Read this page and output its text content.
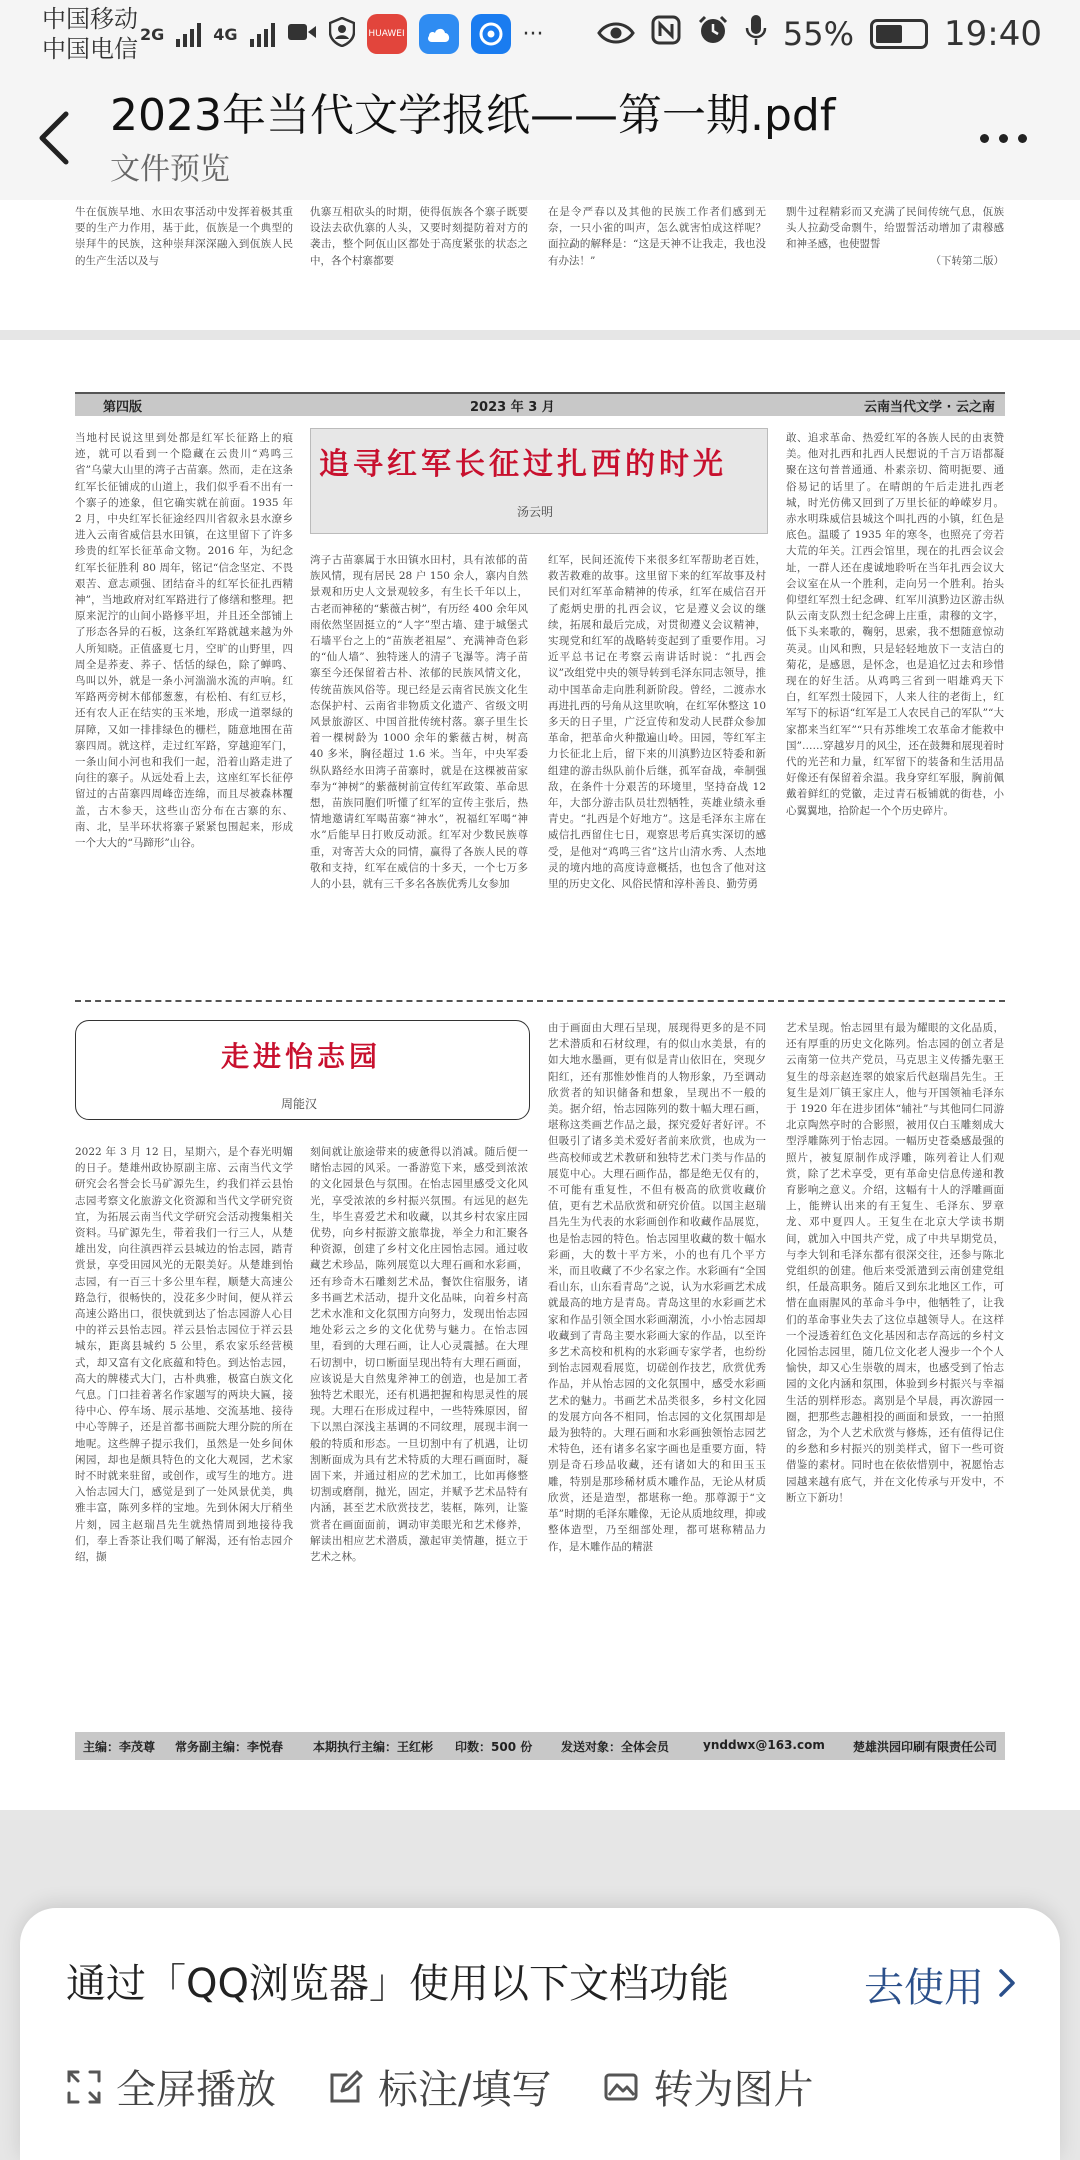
中国移动
中国电信
2G	4G	HUAWEI	···	55%	19:40
2023年当代文学报纸——第一期.pdf
文件预览
牛在佤族旱地、水田农事活动中发挥着极其重要的生产力作用，基于此，佤族是一个典型的崇拜牛的民族，这种崇拜深深融入到佤族人民的生产生活以及与
仇寨互相砍头的时期，使得佤族各个寨子既要设法去砍仇寨的人头，又要时刻提防着对方的袭击，整个阿佤山区都处于高度紧张的状态之中，各个村寨都要
在是令严春以及其他的民族工作者们感到无奈，一只小雀的叫声，怎么就害怕成这样呢？面拉勐的解释是：“这是天神不让我走，我也没有办法！”
剽牛过程精彩而又充满了民间传统气息，佤族头人拉勐受命剽牛，给盟誓活动增加了肃穆感和神圣感，也使盟誓
（下转第二版）
第四版	2023 年 3 月	云南当代文学 · 云之南
当地村民说这里到处都是红军长征路上的痕迹，就可以看到一个隐藏在云贵川“鸡鸣三省”乌蒙大山里的湾子古苗寨。然而，走在这条红军长征铺成的山道上，我们似乎看不出有一个寨子的迹象，但它确实就在前面。1935 年 2 月，中央红军长征途经四川省叙永县水潦乡进入云南省威信县水田镇，在这里留下了许多珍贵的红军长征革命文物。2016 年，为纪念红军长征胜利 80 周年，铭记“信念坚定、不畏艰苦、意志顽强、团结奋斗的红军长征扎西精神”，当地政府对红军路进行了修缮和整理。把原来泥泞的山间小路修平坦，并且还全部铺上了形态各异的石板，这条红军路就越来越为外人所知晓。正值盛夏七月，空旷的山野里，四周全是荞麦、荞子、恬恬的绿色，除了蝉鸣、鸟叫以外，就是一条小河湍湍水流的声响。红军路两旁树木郁郁葱葱，有松柏、有红豆杉，还有农人正在结实的玉米地，形成一道翠绿的屏障，又如一排排绿色的栅栏，随意地围在苗寨四周。就这样，走过红军路，穿越迎军门，一条山间小河也和我们一起，沿着山路走进了向往的寨子。从远处看上去，这座红军长征停留过的古苗寨四周峰峦连绵，而且尽被森林覆盖，古木参天，这些山峦分布在古寨的东、南、北，呈半环状将寨子紧紧包围起来，形成一个大大的“马蹄形”山谷。
追寻红军长征过扎西的时光
汤云明
湾子古苗寨属于水田镇水田村，具有浓郁的苗族风情，现有居民 28 户 150 余人，寨内自然景观和历史人文景观较多，有生长千年以上，古老而神秘的“紫薇古树”，有历经 400 余年风雨依然坚固挺立的“人字”型古墙、建于城堡式石墙平台之上的“苗族老祖屋”、充满神奇色彩的“仙人墙”、独特迷人的清子飞瀑等。湾子苗寨至今还保留着古朴、浓郁的民族风情文化，传统苗族风俗等。现已经是云南省民族文化生态保护村、云南省非物质文化遗产、省级文明风景旅游区、中国首批传统村落。寨子里生长着一棵树龄为 1000 余年的紫薇古树，树高 40 多米，胸径超过 1.6 米。当年，中央军委纵队路经水田湾子苗寨时，就是在这棵被苗家奉为“神树”的紫薇树前宣传红军政策、革命思想，苗族同胞们听懂了红军的宣传主张后，热情地邀请红军喝苗寨“神水”，祝福红军喝“神水”后能早日打败反动派。红军对少数民族尊重，对寄苦大众的同情，赢得了各族人民的尊敬和支持，红军在威信的十多天，一个七万多人的小县，就有三千多名各族优秀儿女参加
红军，民间还流传下来很多红军帮助老百姓，救苦救难的故事。这里留下来的红军故事及村民们对红军革命精神的传承，红军在威信召开了彪炳史册的扎西会议，它是遵义会议的继续，拓展和最后完成，对贯彻遵义会议精神，实现党和红军的战略转变起到了重要作用。习近平总书记在考察云南讲话时说：“扎西会议”改组党中央的领导转到毛泽东同志领导，推动中国革命走向胜利新阶段。曾经，二渡赤水再进扎西的号角从这里吹响，在红军休整这 10 多天的日子里，广泛宣传和发动人民群众参加革命，把革命火种撒遍山岭。田园，等红军主力长征北上后，留下来的川滇黔边区特委和新组建的游击纵队前仆后继，孤军奋战，牵制强敌，在条件十分艰苦的环境里，坚持奋战 12 年，大部分游击队员壮烈牺牲，英雄业绩永垂青史。“扎西是个好地方”。这是毛泽东主席在威信扎西留住七日，观察思考后真实深切的感受，是他对“鸡鸣三省”这片山清水秀、人杰地灵的境内地的高度诗意概括，也包含了他对这里的历史文化、风俗民情和淳朴善良、勤劳勇
敢、追求革命、热爱红军的各族人民的由衷赞美。他对扎西和扎西人民想说的千言万语都凝聚在这句普普通通、朴素亲切、简明扼要、通俗易记的话里了。在晴朗的午后走进扎西老城，时光仿佛又回到了万里长征的峥嵘岁月。赤水明珠威信县城这个叫扎西的小镇，红色是底色。温暖了 1935 年的寒冬，也照亮了旁若大荒的年关。江西会馆里，现在的扎西会议会址，一群人还在虔诚地聆听在当年扎西会议大会议室在从一个胜利，走向另一个胜利。抬头仰望红军烈士纪念碑、红军川滇黔边区游击纵队云南支队烈士纪念碑上庄重，肃穆的文字，低下头来歌的，鞠躬，思索，我不想随意惊动英灵。山风和煦，只是轻轻地放下一支洁白的菊花，是感恩，是怀念，也是追忆过去和珍惜现在的好生活。从鸡鸣三省到一唱雄鸡天下白，红军烈士陵园下，人来人往的老街上，红军写下的标语“红军是工人农民自己的军队”“大家都来当红军”“只有苏维埃工农革命才能救中国”……穿越岁月的风尘，还在鼓舞和展现着时代的光芒和力量，红军留下的装备和生活用品好像还有保留着余温。我身穿红军服，胸前佩戴着鲜红的党徽，走过青石板铺就的街巷，小心翼翼地，拾阶起一个个历史碎片。
走进怡志园
周能汉
2022 年 3 月 12 日，星期六，是个春光明媚的日子。楚雄州政协原副主席、云南当代文学研究会名誉会长马矿源先生，约我们祥云县怡志园考察文化旅游文化资源和当代文学研究资宜，为拓展云南当代文学研究会活动搜集相关资料。马矿源先生，带着我们一行三人，从楚雄出发，向往滇西祥云县城边的怡志园，踏青赏景，享受田园风光的无限美好。从楚雄到怡志园，有一百三十多公里车程，顺楚大高速公路急行，很畅快的，没花多少时间，便从祥云高速公路出口，很快就到达了怡志园游人心目中的祥云县怡志园。祥云县怡志园位于祥云县城东，距离县城约 5 公里，系农家乐经营模式，却又富有文化底蕴和特色。到达怡志园，高大的牌楼式大门，古朴典雅，极富白族文化气息。门口挂着著名作家题写的两块大匾，接待中心、停车场、展示基地、交流基地、接待中心等牌子，还是首都书画院大理分院的所在地呢。这些牌子提示我们，虽然是一处乡间休闲园，却也是颇具特色的文化大观园，艺术家时不时就来驻留，或创作，或写生的地方。进入怡志园大门，感觉是到了一处风景优美，典雅丰富，陈列多样的宝地。先到休闲大厅稍坐片刻，园主赵瑞昌先生就热情周到地接待我们，奉上香茶让我们喝了解渴，还有怡志园介绍，撷
刻间就让旅途带来的疲惫得以消减。随后便一睹怡志园的风采。一番游览下来，感受到浓浓的文化园景色与氛围。在怡志园里感受文化风光，享受浓浓的乡村振兴氛围。有远见的赵先生，毕生喜爱艺术和收藏，以其乡村农家庄园优势，向乡村振游文旅靠拢，举全力和汇聚各种资源，创建了乡村文化庄园怡志园。通过收藏艺术珍品，陈列展览以大理石画和水彩画，还有珍奇木石雕刻艺术品，餐饮住宿服务，诸多书画艺术活动，提升文化品味，向着乡村高艺术水准和文化氛围方向努力，发现出怡志园地处彩云之乡的文化优势与魅力。在怡志园里，看到的大理石画，让人心灵震撼。在大理石切割中，切口断面呈现出特有大理石画面，应该说是大自然鬼斧神工的创造，也是加工者独特艺术眼光，还有机遇把握和构思灵性的展现。大理石在形成过程中，一些特殊原因，留下以黑白深浅主基调的不同纹理，展现丰润一般的特质和形态。一旦切割中有了机遇，让切割断面成为具有艺术特质的大理石画面时，凝固下来，并通过相应的艺术加工，比如再修整切割或磨削，抛光，固定，并赋予艺术品特有内涵，甚至艺术欣赏技艺，装框，陈列，让鉴赏者在画面面前，调动审美眼光和艺术修养，解读出相应艺术潜质，激起审美情趣，挺立于艺术之林。
由于画面由大理石呈现，展现得更多的是不同艺术潜质和石材纹理，有的似山水美景，有的如大地水墨画，更有似是青山依旧在，突现夕阳红，还有那惟妙惟肖的人物形象，乃至调动欣赏者的知识储备和想象，呈现出不一般的美。据介绍，怡志园陈列的数十幅大理石画，堪称这类画艺作品之最，探究爱好者好评。不但吸引了诸多美术爱好者前来欣赏，也成为一些高校师或艺术教研和独特艺术门类与作品的展览中心。大理石画作品，都是绝无仅有的，不可能有重复性，不但有极高的欣赏收藏价值，更有艺术品欣赏和研究价值。以国主赵瑞昌先生为代表的水彩画创作和收藏作品展览，也是怡志园的特色。怡志园里收藏的数十幅水彩画，大的数十平方米，小的也有几个平方米，而且收藏了不少名家之作。水彩画有“全国看山东，山东看青岛”之说，认为水彩画艺术成就最高的地方是青岛。青岛这里的水彩画艺术家和作品引领全国水彩画潮流，小小怡志园却收藏到了青岛主要水彩画大家的作品，以至许多艺术高校和机构的水彩画专家学者，也纷纷到怡志园观看展览，切磋创作技艺，欣赏优秀作品，并从怡志园的文化氛围中，感受水彩画艺术的魅力。书画艺术品类很多，乡村文化园的发展方向各不相同，怡志园的文化氛围却是最为独特的。大理石画和水彩画独领怡志园艺术特色，还有诸多名家字画也是重要方面，特别是奇石珍品收藏，还有诸如大的和田玉玉雕，特别是那珍稀材质木雕作品，无论从材质欣赏，还是造型，都堪称一绝。那尊源于“文革”时期的毛泽东雕像，无论从质地纹理，抑或整体造型，乃至细部处理，都可堪称精品力作，是木雕作品的精湛
艺术呈现。怡志园里有最为耀眼的文化品质，还有厚重的历史文化陈列。怡志园的创立者是云南第一位共产党员，马克思主义传播先驱王复生的母亲赵连翠的娘家后代赵瑞昌先生。王复生是刘厂镇王家庄人，他与开国领袖毛泽东于 1920 年在进步团体“辅社”与其他同仁同游北京陶然亭时的合影照，被用仅白玉雕刻成大型浮雕陈列于怡志园。一幅历史苍桑感最强的照片，被复原制作成浮雕，陈列着让人们观赏，除了艺术享受，更有革命史信息传递和教育影响之意义。介绍，这幅有十人的浮雕画面上，能辨认出来的有王复生、毛泽东、罗章龙、邓中夏四人。王复生在北京大学读书期间，就加入中国共产党，成了中共早期党员，与李大钊和毛泽东都有很深交往，还参与陈北党组织的创建。他后来受派遣到云南创建党组织，任最高职务。随后又到东北地区工作，可惜在血雨腥风的革命斗争中，他牺牲了，让我们的革命事业失去了这位卓越领导人。在这样一个浸透着红色文化基因和志存高远的乡村文化园怡志园里，随几位文化老人漫步一个个人愉快，却又心生崇敬的周末，也感受到了怡志园的文化内涵和氛围，体验到乡村振兴与幸福生活的别样形态。离别是个早晨，再次游园一圈，把那些志趣相投的画面和景致，一一拍照留念，为个人艺术欣赏与修炼，还有值得记住的乡愁和乡村振兴的别美样式，留下一些可资借鉴的素材。同时也在依依惜别中，祝愿怡志园越来越有底气，并在文化传承与开发中，不断立下新功！
主编：李茂尊 常务副主编：李悦春 本期执行主编：王红彬 印数：500 份 发送对象：全体会员	ynddwx@163.com 楚雄洪园印刷有限责任公司
通过「QQ浏览器」使用以下文档功能	去使用
全屏播放	标注/填写	转为图片
